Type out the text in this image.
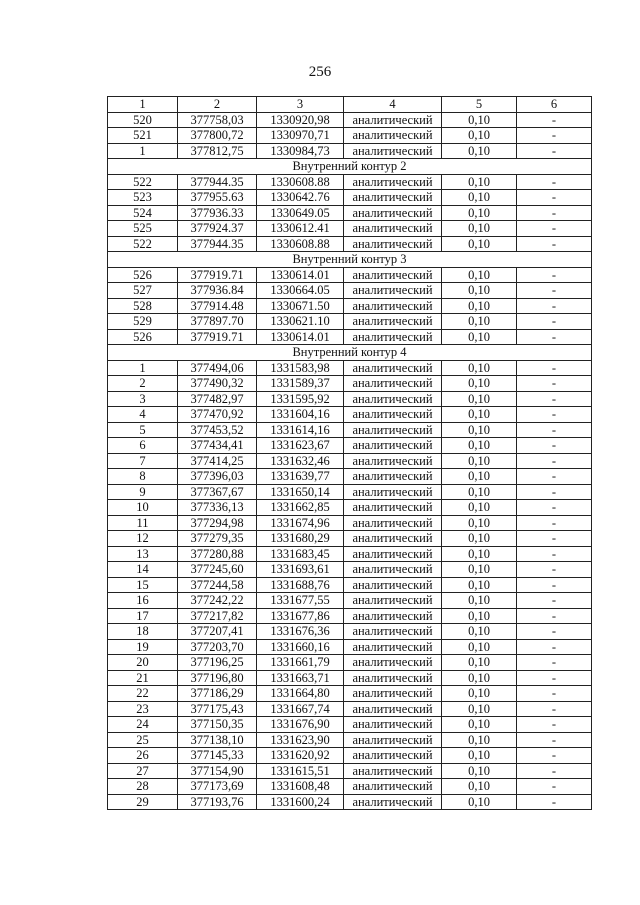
256
1	2	3	4	5	6
520	377758,03	1330920,98	аналитический	0,10	-
521	377800,72	1330970,71	аналитический	0,10	-
1	377812,75	1330984,73	аналитический	0,10	-
Внутренний контур 2					
522	377944.35	1330608.88	аналитический	0,10	-
523	377955.63	1330642.76	аналитический	0,10	-
524	377936.33	1330649.05	аналитический	0,10	-
525	377924.37	1330612.41	аналитический	0,10	-
522	377944.35	1330608.88	аналитический	0,10	-
Внутренний контур 3					
526	377919.71	1330614.01	аналитический	0,10	-
527	377936.84	1330664.05	аналитический	0,10	-
528	377914.48	1330671.50	аналитический	0,10	-
529	377897.70	1330621.10	аналитический	0,10	-
526	377919.71	1330614.01	аналитический	0,10	-
Внутренний контур 4					
1	377494,06	1331583,98	аналитический	0,10	-
2	377490,32	1331589,37	аналитический	0,10	-
3	377482,97	1331595,92	аналитический	0,10	-
4	377470,92	1331604,16	аналитический	0,10	-
5	377453,52	1331614,16	аналитический	0,10	-
6	377434,41	1331623,67	аналитический	0,10	-
7	377414,25	1331632,46	аналитический	0,10	-
8	377396,03	1331639,77	аналитический	0,10	-
9	377367,67	1331650,14	аналитический	0,10	-
10	377336,13	1331662,85	аналитический	0,10	-
11	377294,98	1331674,96	аналитический	0,10	-
12	377279,35	1331680,29	аналитический	0,10	-
13	377280,88	1331683,45	аналитический	0,10	-
14	377245,60	1331693,61	аналитический	0,10	-
15	377244,58	1331688,76	аналитический	0,10	-
16	377242,22	1331677,55	аналитический	0,10	-
17	377217,82	1331677,86	аналитический	0,10	-
18	377207,41	1331676,36	аналитический	0,10	-
19	377203,70	1331660,16	аналитический	0,10	-
20	377196,25	1331661,79	аналитический	0,10	-
21	377196,80	1331663,71	аналитический	0,10	-
22	377186,29	1331664,80	аналитический	0,10	-
23	377175,43	1331667,74	аналитический	0,10	-
24	377150,35	1331676,90	аналитический	0,10	-
25	377138,10	1331623,90	аналитический	0,10	-
26	377145,33	1331620,92	аналитический	0,10	-
27	377154,90	1331615,51	аналитический	0,10	-
28	377173,69	1331608,48	аналитический	0,10	-
29	377193,76	1331600,24	аналитический	0,10	-
